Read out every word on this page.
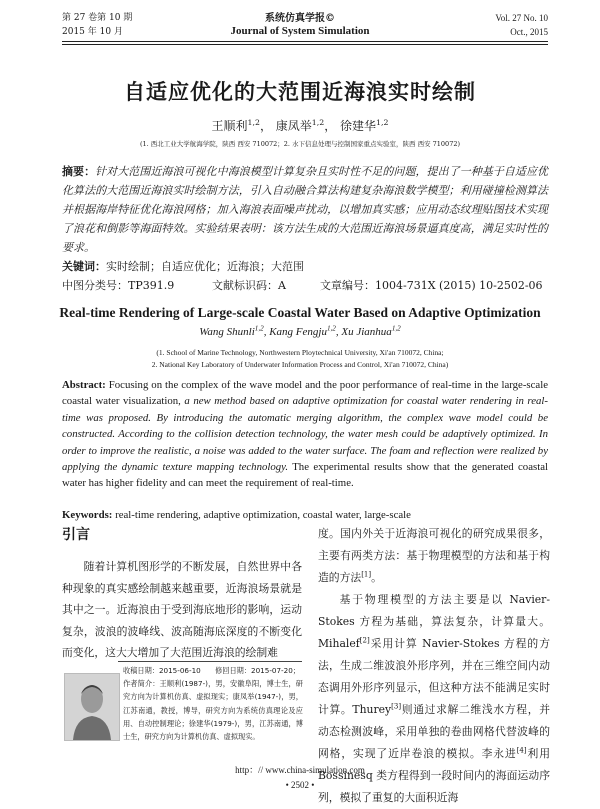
第 27 卷第 10 期
2015 年 10 月
系统仿真学报©
Journal of System Simulation
Vol. 27 No. 10
Oct., 2015
自适应优化的大范围近海浪实时绘制
王顺利$^{1,2}$， 康凤举$^{1,2}$， 徐建华$^{1,2}$
(1. 西北工业大学航海学院，陕西 西安 710072；2. 水下信息处理与控制国家重点实验室，陕西 西安 710072)
摘要：针对大范围近海浪可视化中海浪模型计算复杂且实时性不足的问题，提出了一种基于自适应优化算法的大范围近海浪实时绘制方法，引入自动融合算法构建复杂海浪数学模型；利用碰撞检测算法并根据海岸特征优化海浪网格；加入海浪表面噪声扰动，以增加真实感；应用动态纹理贴图技术实现了浪花和倒影等海面特效。实验结果表明：该方法生成的大范围近海浪场景逼真度高，满足实时性的要求。
关键词：实时绘制；自适应优化；近海浪；大范围
中图分类号：TP391.9	文献标识码：A	文章编号：1004-731X (2015) 10-2502-06
Real-time Rendering of Large-scale Coastal Water Based on Adaptive Optimization
Wang Shunli$^{1,2}$, Kang Fengju$^{1,2}$, Xu Jianhua$^{1,2}$
(1. School of Marine Technology, Northwestern Ploytechnical University, Xi'an 710072, China;
2. National Key Laboratory of Underwater Information Process and Control, Xi'an 710072, China)
Abstract: Focusing on the complex of the wave model and the poor performance of real-time in the large-scale coastal water visualization, a new method based on adaptive optimization for coastal water rendering in real-time was proposed. By introducing the automatic merging algorithm, the complex wave model could be constructed. According to the collision detection technology, the water mesh could be adaptively optimized. In order to improve the realistic, a noise was added to the water surface. The foam and reflection were realized by applying the dynamic texture mapping technology. The experimental results show that the generated coastal water has higher fidelity and can meet the requirement of real-time.
Keywords: real-time rendering, adaptive optimization, coastal water, large-scale
引言

随着计算机图形学的不断发展，自然世界中各种现象的真实感绘制越来越重要，近海浪场景就是其中之一。近海浪由于受到海底地形的影响，运动复杂，波浪的波峰线、波高随海底深度的不断变化而变化，这大大增加了大范围近海浪的绘制难

度。国内外关于近海浪可视化的研究成果很多，主要有两类方法：基于物理模型的方法和基于构造的方法[1]。

基于物理模型的方法主要是以 Navier-Stokes 方程为基础，算法复杂，计算量大。Mihalef[2]采用计算 Navier-Stokes 方程的方法，生成二维波浪外形序列，并在三维空间内动态调用外形序列显示，但这种方法不能满足实时计算。Thurey[3]则通过求解二维浅水方程，并动态检测波峰，采用单独的卷曲网格代替波峰的网格，实现了近岸卷浪的模拟。李永进[4]利用 Bossinesq 类方程得到一段时间内的海面运动序列，模拟了重复的大面积近海

收稿日期：2015-06-10　　修回日期：2015-07-20；

作者简介：王顺利(1987-)，男，安徽阜阳，博士生，研究方向为计算机仿真、虚拟现实；康凤举(1947-)，男，江苏南通，教授，博导，研究方向为系统仿真理论及应用、自动控制理论；徐建华(1979-)，男，江苏南通，博士生，研究方向为计算机仿真、虚拟现实。

http：// www.china-simulation.com
• 2502 •
